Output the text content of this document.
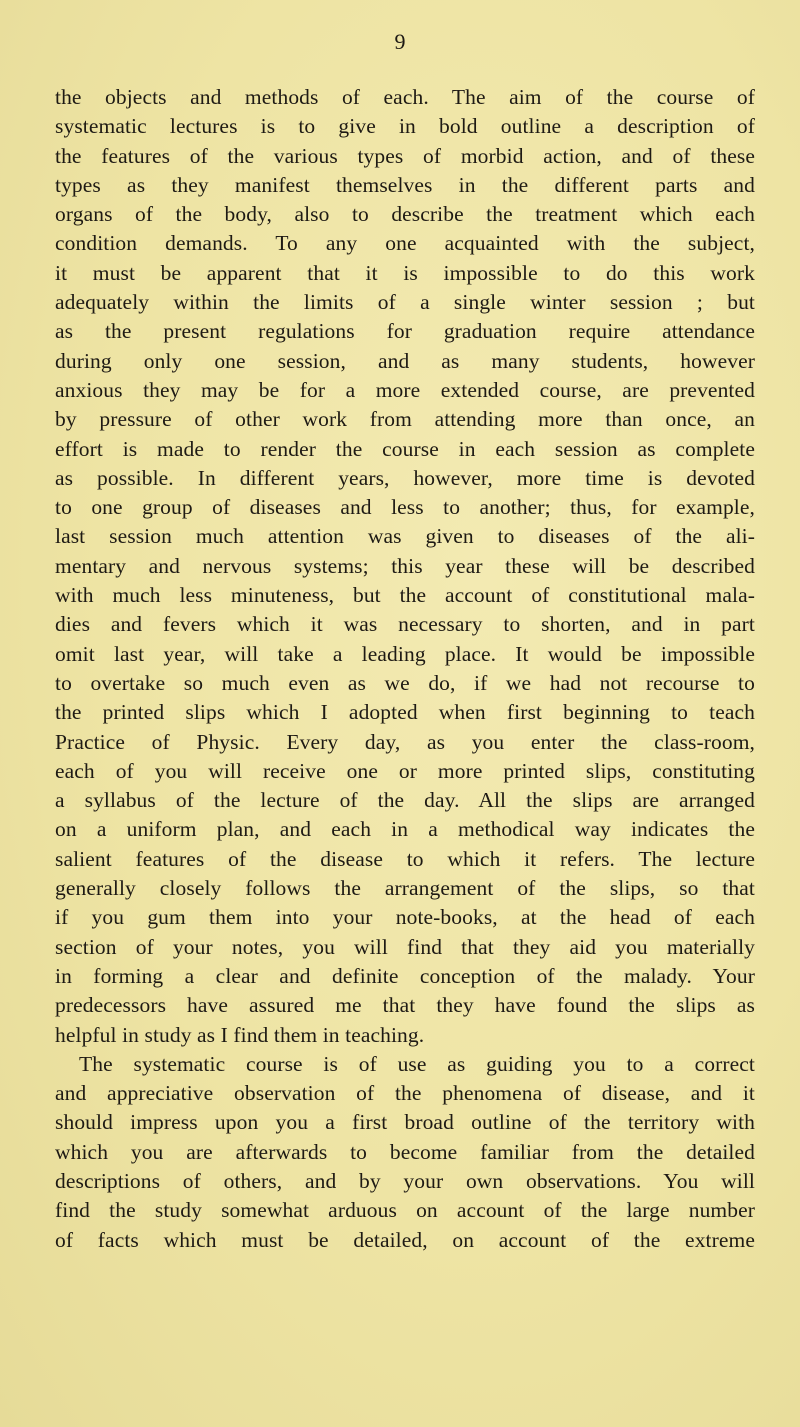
9
the objects and methods of each. The aim of the course of
systematic lectures is to give in bold outline a description of
the features of the various types of morbid action, and of these
types as they manifest themselves in the different parts and
organs of the body, also to describe the treatment which each
condition demands. To any one acquainted with the subject,
it must be apparent that it is impossible to do this work
adequately within the limits of a single winter session ; but
as the present regulations for graduation require attendance
during only one session, and as many students, however
anxious they may be for a more extended course, are prevented
by pressure of other work from attending more than once, an
effort is made to render the course in each session as complete
as possible. In different years, however, more time is devoted
to one group of diseases and less to another; thus, for example,
last session much attention was given to diseases of the ali-
mentary and nervous systems; this year these will be described
with much less minuteness, but the account of constitutional mala-
dies and fevers which it was necessary to shorten, and in part
omit last year, will take a leading place. It would be impossible
to overtake so much even as we do, if we had not recourse to
the printed slips which I adopted when first beginning to teach
Practice of Physic. Every day, as you enter the class-room,
each of you will receive one or more printed slips, constituting
a syllabus of the lecture of the day. All the slips are arranged
on a uniform plan, and each in a methodical way indicates the
salient features of the disease to which it refers. The lecture
generally closely follows the arrangement of the slips, so that
if you gum them into your note-books, at the head of each
section of your notes, you will find that they aid you materially
in forming a clear and definite conception of the malady. Your
predecessors have assured me that they have found the slips as
helpful in study as I find them in teaching.
The systematic course is of use as guiding you to a correct
and appreciative observation of the phenomena of disease, and it
should impress upon you a first broad outline of the territory with
which you are afterwards to become familiar from the detailed
descriptions of others, and by your own observations. You will
find the study somewhat arduous on account of the large number
of facts which must be detailed, on account of the extreme
